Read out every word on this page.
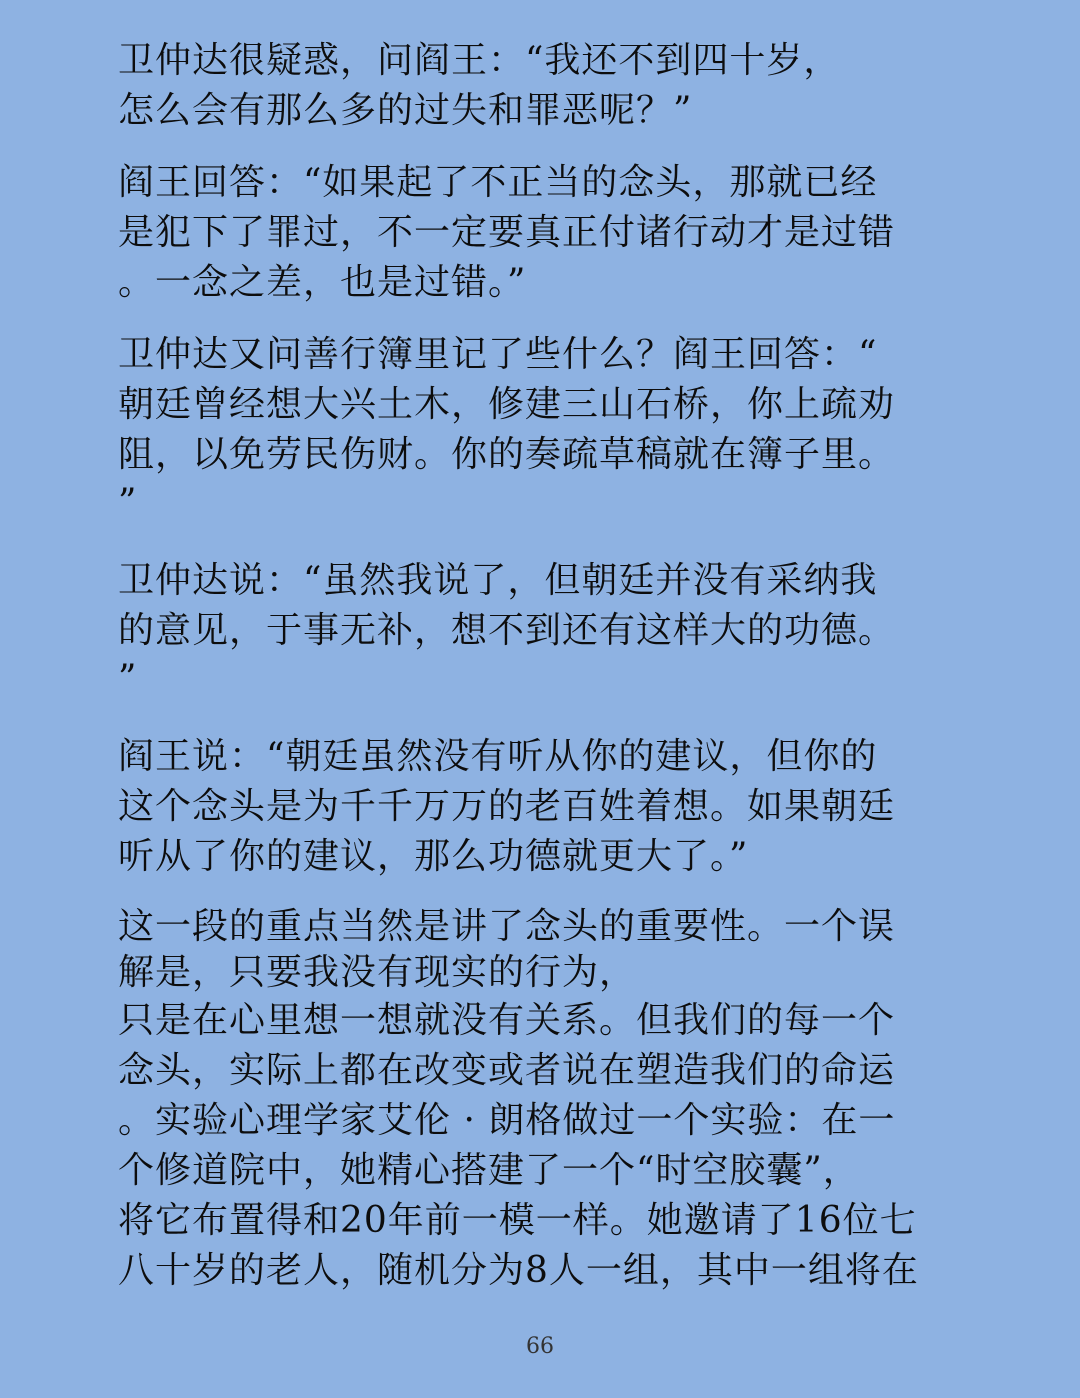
卫仲达很疑惑，问阎王：“我还不到四十岁，
怎么会有那么多的过失和罪恶呢？”

阎王回答：“如果起了不正当的念头，那就已经
是犯下了罪过，不一定要真正付诸行动才是过错
。一念之差，也是过错。”

卫仲达又问善行簿里记了些什么？阎王回答：“
朝廷曾经想大兴土木，修建三山石桥，你上疏劝
阻，以免劳民伤财。你的奏疏草稿就在簿子里。
”

卫仲达说：“虽然我说了，但朝廷并没有采纳我
的意见，于事无补，想不到还有这样大的功德。
”

阎王说：“朝廷虽然没有听从你的建议，但你的
这个念头是为千千万万的老百姓着想。如果朝廷
听从了你的建议，那么功德就更大了。”

这一段的重点当然是讲了念头的重要性。一个误
解是，只要我没有现实的行为，
只是在心里想一想就没有关系。但我们的每一个
念头，实际上都在改变或者说在塑造我们的命运
。实验心理学家艾伦 · 朗格做过一个实验：在一
个修道院中，她精心搭建了一个“时空胶囊”，
将它布置得和20年前一模一样。她邀请了16位七
八十岁的老人，随机分为8人一组，其中一组将在

66
